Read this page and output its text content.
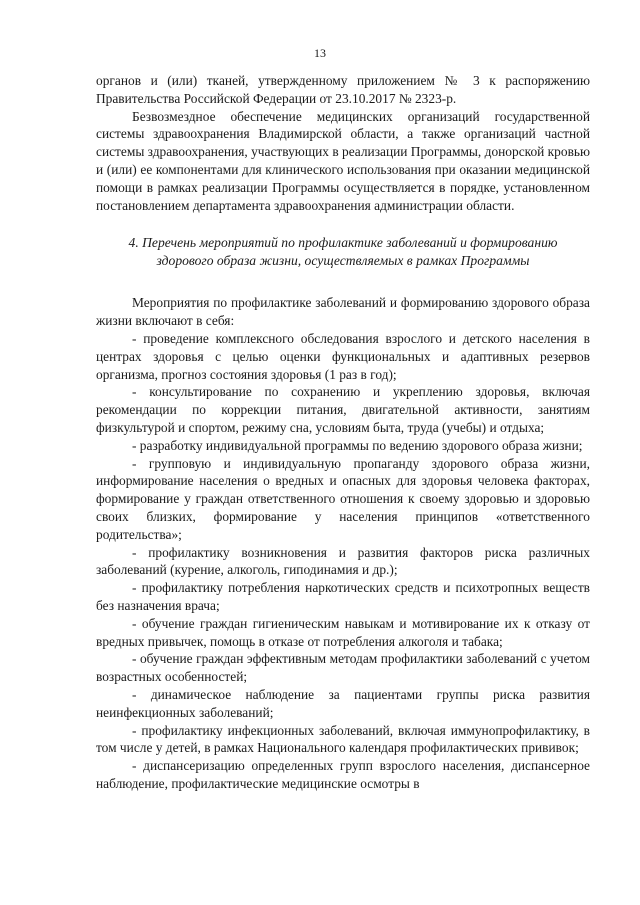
13

органов и (или) тканей, утвержденному приложением № 3 к распоряжению Правительства Российской Федерации от 23.10.2017 № 2323-р.

Безвозмездное обеспечение медицинских организаций государственной системы здравоохранения Владимирской области, а также организаций частной системы здравоохранения, участвующих в реализации Программы, донорской кровью и (или) ее компонентами для клинического использования при оказании медицинской помощи в рамках реализации Программы осуществляется в порядке, установленном постановлением департамента здравоохранения администрации области.

4. Перечень мероприятий по профилактике заболеваний и формированию здорового образа жизни, осуществляемых в рамках Программы

Мероприятия по профилактике заболеваний и формированию здорового образа жизни включают в себя:

- проведение комплексного обследования взрослого и детского населения в центрах здоровья с целью оценки функциональных и адаптивных резервов организма, прогноз состояния здоровья (1 раз в год);

- консультирование по сохранению и укреплению здоровья, включая рекомендации по коррекции питания, двигательной активности, занятиям физкультурой и спортом, режиму сна, условиям быта, труда (учебы) и отдыха;

- разработку индивидуальной программы по ведению здорового образа жизни;

- групповую и индивидуальную пропаганду здорового образа жизни, информирование населения о вредных и опасных для здоровья человека факторах, формирование у граждан ответственного отношения к своему здоровью и здоровью своих близких, формирование у населения принципов «ответственного родительства»;

- профилактику возникновения и развития факторов риска различных заболеваний (курение, алкоголь, гиподинамия и др.);

- профилактику потребления наркотических средств и психотропных веществ без назначения врача;

- обучение граждан гигиеническим навыкам и мотивирование их к отказу от вредных привычек, помощь в отказе от потребления алкоголя и табака;

- обучение граждан эффективным методам профилактики заболеваний с учетом возрастных особенностей;

- динамическое наблюдение за пациентами группы риска развития неинфекционных заболеваний;

- профилактику инфекционных заболеваний, включая иммунопрофилактику, в том числе у детей, в рамках Национального календаря профилактических прививок;

- диспансеризацию определенных групп взрослого населения, диспансерное наблюдение, профилактические медицинские осмотры в
